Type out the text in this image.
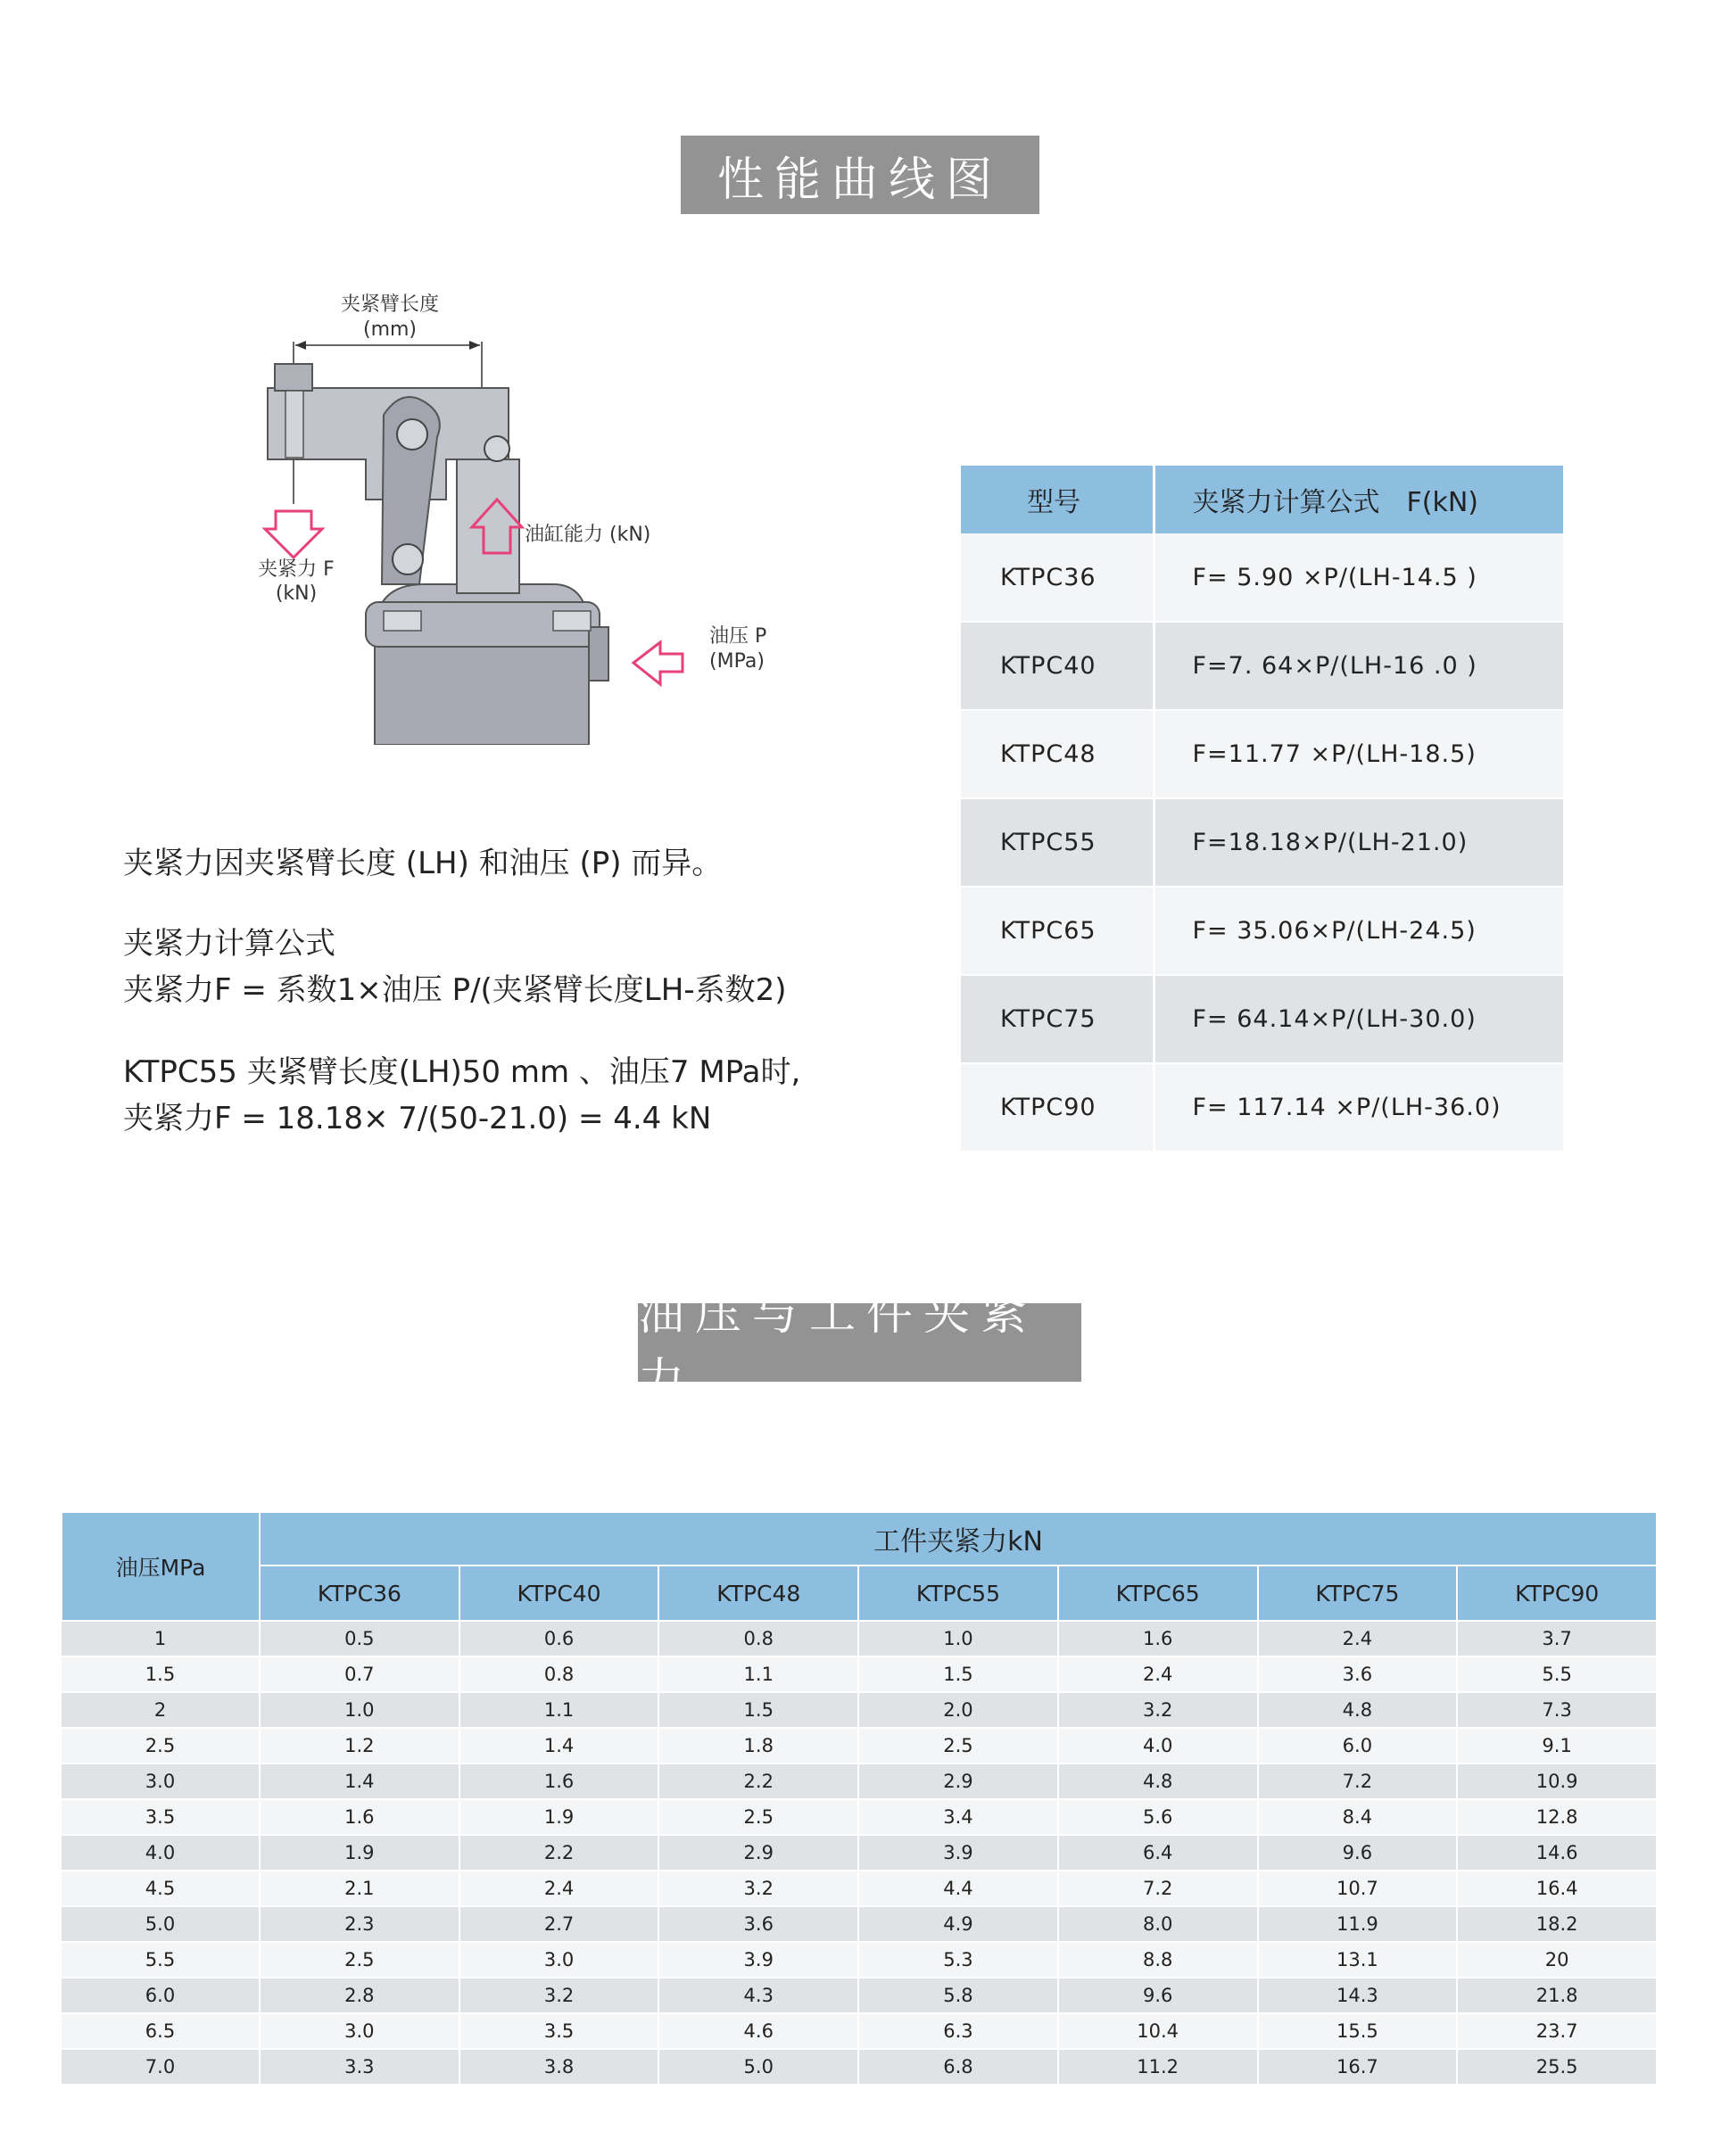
性能曲线图
夹紧臂长度
(mm)
夹紧力 F
(kN)
油缸能力 (kN)
油压 P
(MPa)
夹紧力因夹紧臂长度 (LH) 和油压 (P) 而异。
夹紧力计算公式
夹紧力F = 系数1×油压 P/(夹紧臂长度LH-系数2)
KTPC55 夹紧臂长度(LH)50 mm 、油压7 MPa时,
夹紧力F = 18.18× 7/(50-21.0) = 4.4 kN
型号	夹紧力计算公式　F(kN)
KTPC36	F= 5.90 ×P/(LH-14.5 )
KTPC40	F=7. 64×P/(LH-16 .0 )
KTPC48	F=11.77 ×P/(LH-18.5)
KTPC55	F=18.18×P/(LH-21.0)
KTPC65	F= 35.06×P/(LH-24.5)
KTPC75	F= 64.14×P/(LH-30.0)
KTPC90	F= 117.14 ×P/(LH-36.0)
油压与工件夹紧力
油压MPa	工件夹紧力kN						
	KTPC36	KTPC40	KTPC48	KTPC55	KTPC65	KTPC75	KTPC90
1	0.5	0.6	0.8	1.0	1.6	2.4	3.7
1.5	0.7	0.8	1.1	1.5	2.4	3.6	5.5
2	1.0	1.1	1.5	2.0	3.2	4.8	7.3
2.5	1.2	1.4	1.8	2.5	4.0	6.0	9.1
3.0	1.4	1.6	2.2	2.9	4.8	7.2	10.9
3.5	1.6	1.9	2.5	3.4	5.6	8.4	12.8
4.0	1.9	2.2	2.9	3.9	6.4	9.6	14.6
4.5	2.1	2.4	3.2	4.4	7.2	10.7	16.4
5.0	2.3	2.7	3.6	4.9	8.0	11.9	18.2
5.5	2.5	3.0	3.9	5.3	8.8	13.1	20
6.0	2.8	3.2	4.3	5.8	9.6	14.3	21.8
6.5	3.0	3.5	4.6	6.3	10.4	15.5	23.7
7.0	3.3	3.8	5.0	6.8	11.2	16.7	25.5
